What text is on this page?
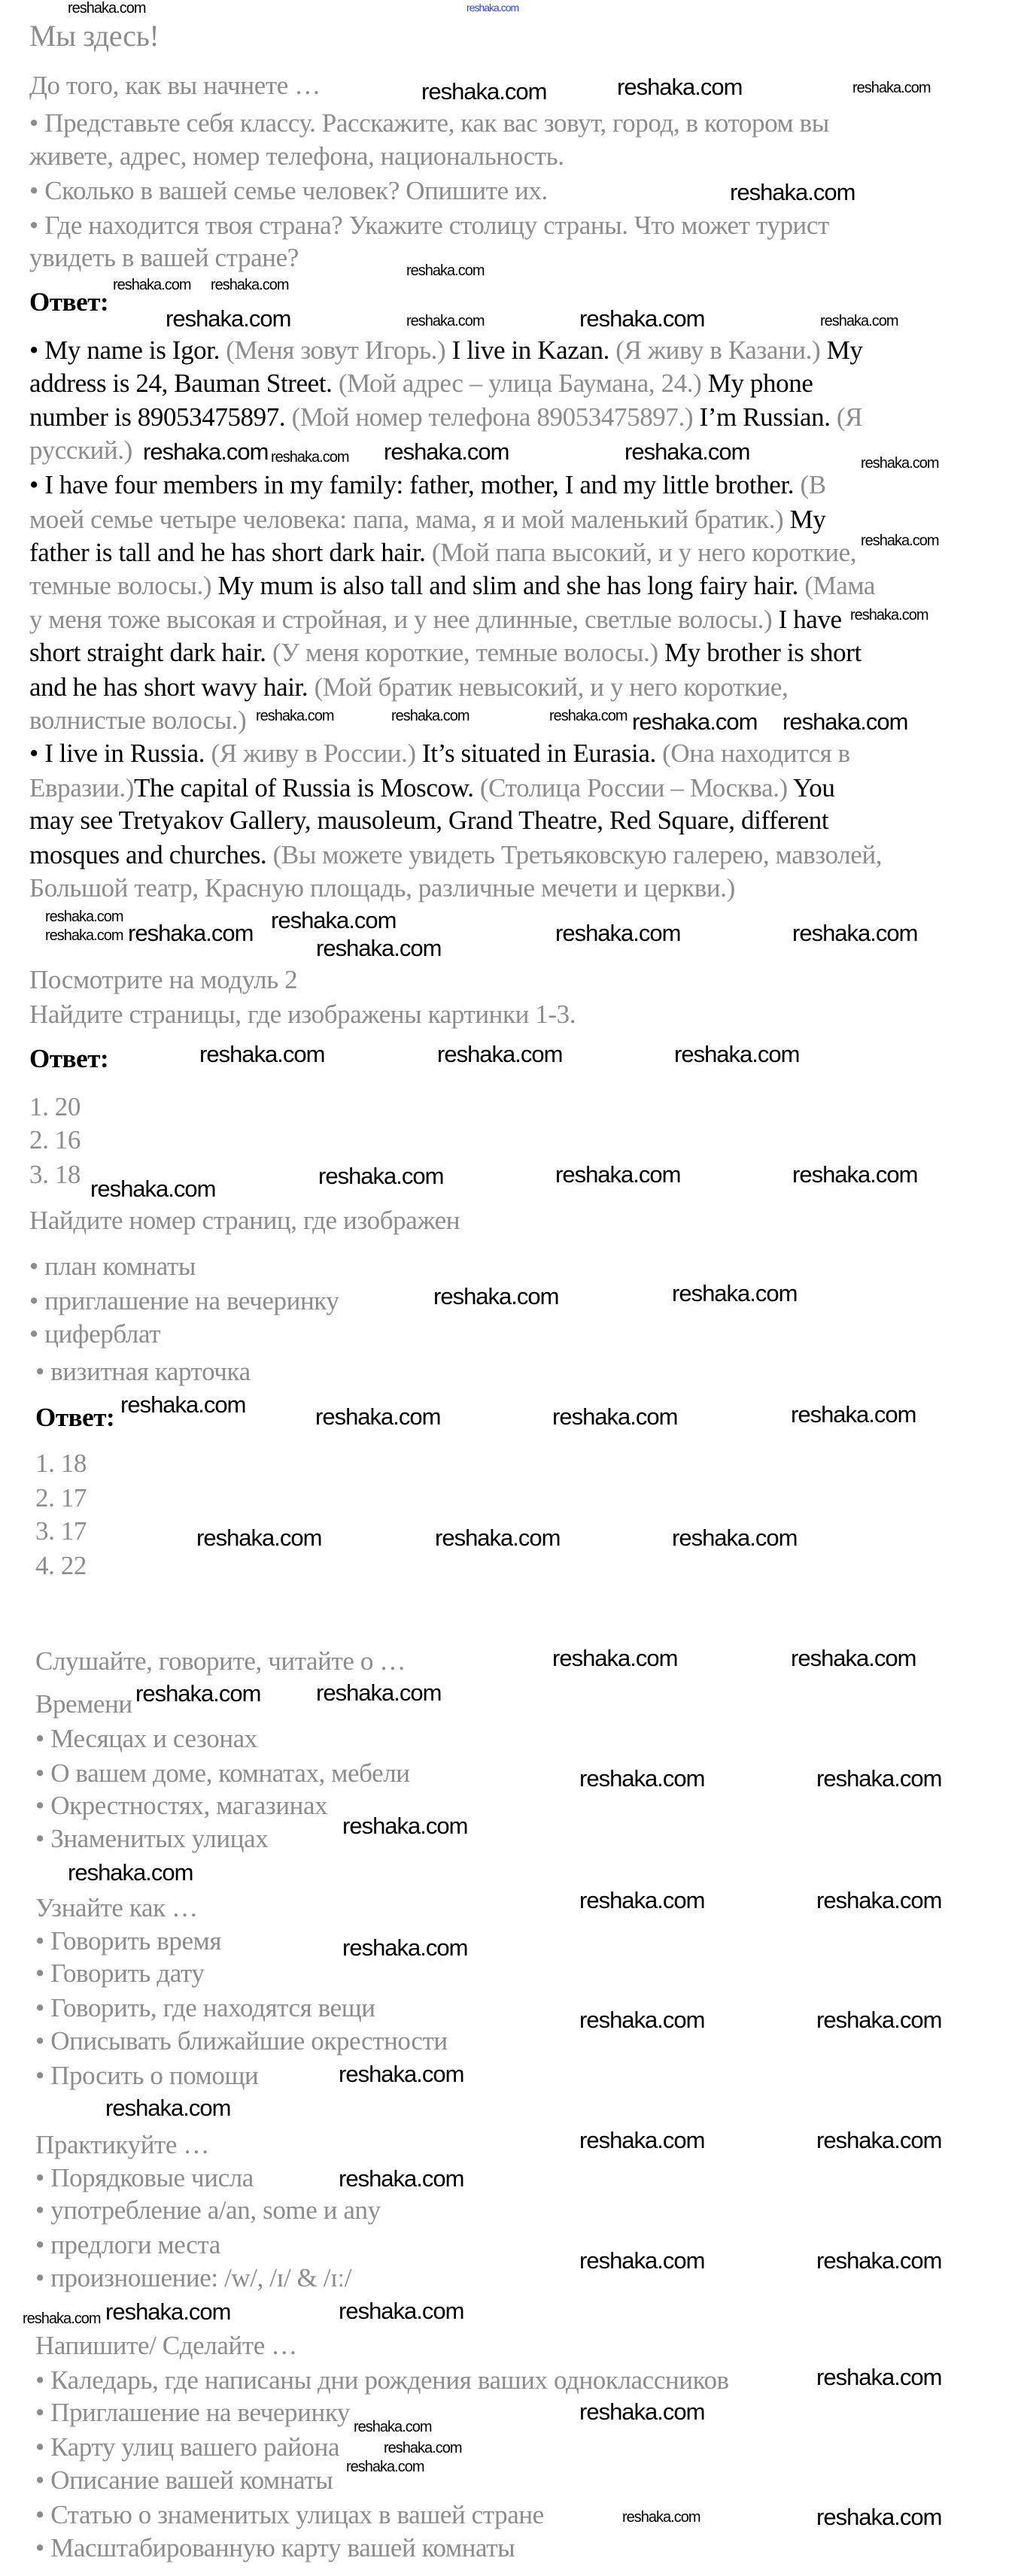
reshaka.com
Мы здесь!
До того, как вы начнете …
• Представьте себя классу. Расскажите, как вас зовут, город, в котором вы
живете, адрес, номер телефона, национальность.
• Сколько в вашей семье человек? Опишите их.
• Где находится твоя страна? Укажите столицу страны. Что может турист
увидеть в вашей стране?
Ответ:
• My name is Igor. (Меня зовут Игорь.) I live in Kazan. (Я живу в Казани.) My
address is 24, Bauman Street. (Мой адрес – улица Баумана, 24.) My phone
number is 89053475897. (Мой номер телефона 89053475897.) I’m Russian. (Я
русский.)
• I have four members in my family: father, mother, I and my little brother. (В
моей семье четыре человека: папа, мама, я и мой маленький братик.) My
father is tall and he has short dark hair. (Мой папа высокий, и у него короткие,
темные волосы.) My mum is also tall and slim and she has long fairy hair. (Мама
у меня тоже высокая и стройная, и у нее длинные, светлые волосы.) I have
short straight dark hair. (У меня короткие, темные волосы.) My brother is short
and he has short wavy hair. (Мой братик невысокий, и у него короткие,
волнистые волосы.)
• I live in Russia. (Я живу в России.) It’s situated in Eurasia. (Она находится в
Евразии.)The capital of Russia is Moscow. (Столица России – Москва.) You
may see Tretyakov Gallery, mausoleum, Grand Theatre, Red Square, different
mosques and churches. (Вы можете увидеть Третьяковскую галерею, мавзолей,
Большой театр, Красную площадь, различные мечети и церкви.)
Посмотрите на модуль 2
Найдите страницы, где изображены картинки 1-3.
Ответ:
1. 20
2. 16
3. 18
Найдите номер страниц, где изображен
• план комнаты
• приглашение на вечеринку
• циферблат
• визитная карточка
Ответ:
1. 18
2. 17
3. 17
4. 22
Слушайте, говорите, читайте о …
Времени
• Месяцах и сезонах
• О вашем доме, комнатах, мебели
• Окрестностях, магазинах
• Знаменитых улицах
Узнайте как …
• Говорить время
• Говорить дату
• Говорить, где находятся вещи
• Описывать ближайшие окрестности
• Просить о помощи
Практикуйте …
• Порядковые числа
• употребление a/an, some и any
• предлоги места
• произношение: /w/, /ɪ/ & /ɪː/
Напишите/ Сделайте …
• Каледарь, где написаны дни рождения ваших одноклассников
• Приглашение на вечеринку
• Карту улиц вашего района
• Описание вашей комнаты
• Статью о знаменитых улицах в вашей стране
• Масштабированную карту вашей комнаты
reshaka.com	reshaka.com
reshaka.com
reshaka.com
reshaka.com reshaka.com
reshaka.com
reshaka.com
reshaka.com	reshaka.com	reshaka.com	reshaka.com
reshaka.com	reshaka.com	reshaka.com	reshaka.com
reshaka.com
reshaka.com
reshaka.com
reshaka.com	reshaka.com
reshaka.com
reshaka.com	reshaka.com
reshaka.com reshaka.com
reshaka.com reshaka.com
reshaka.com
reshaka.com	reshaka.com
reshaka.com	reshaka.com	reshaka.com
reshaka.com	reshaka.com	reshaka.com
reshaka.com
reshaka.com	reshaka.com
reshaka.com	reshaka.com	reshaka.com	reshaka.com
reshaka.com	reshaka.com	reshaka.com
reshaka.com	reshaka.com
reshaka.com reshaka.com
reshaka.com	reshaka.com
reshaka.com
reshaka.com
reshaka.com	reshaka.com
reshaka.com
reshaka.com	reshaka.com
reshaka.com
reshaka.com
reshaka.com	reshaka.com
reshaka.com
reshaka.com	reshaka.com
reshaka.com	reshaka.com
reshaka.com
reshaka.com
reshaka.com
reshaka.com
reshaka.com
reshaka.com
reshaka.com	reshaka.com
